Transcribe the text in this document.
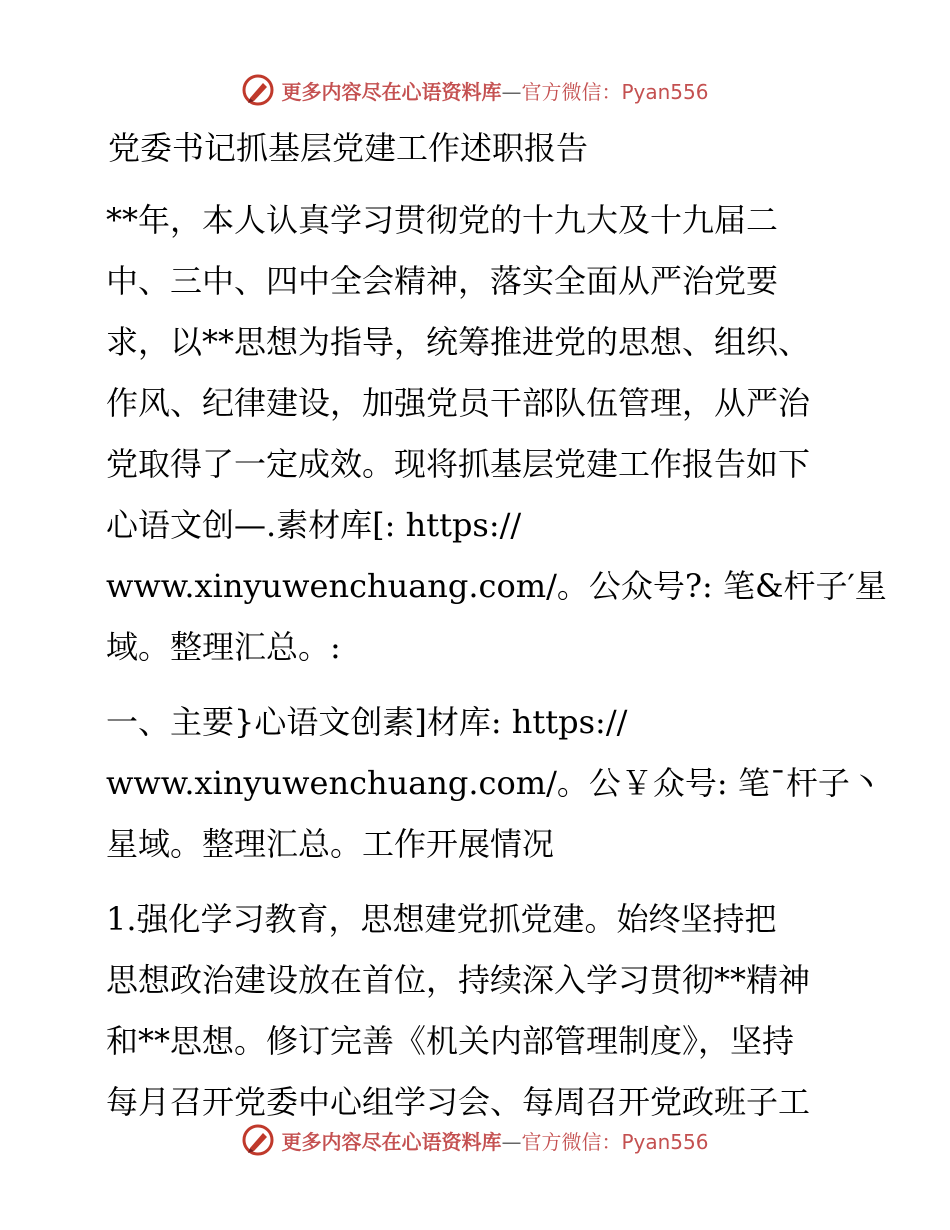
更多内容尽在心语资料库—官方微信：Pyan556
党委书记抓基层党建工作述职报告
**年，本人认真学习贯彻党的十九大及十九届二
中、三中、四中全会精神，落实全面从严治党要
求，以**思想为指导，统筹推进党的思想、组织、
作风、纪律建设，加强党员干部队伍管理，从严治
党取得了一定成效。现将抓基层党建工作报告如下
心语文创—.素材库[: https://
www.xinyuwenchuang.com/。公众号?: 笔&杆子′星
域。整理汇总。:
一、主要}心语文创素]材库: https://
www.xinyuwenchuang.com/。公￥众号: 笔¯杆子丶
星域。整理汇总。工作开展情况
1.强化学习教育，思想建党抓党建。始终坚持把
思想政治建设放在首位，持续深入学习贯彻**精神
和**思想。修订完善《机关内部管理制度》，坚持
每月召开党委中心组学习会、每周召开党政班子工
更多内容尽在心语资料库—官方微信：Pyan556
